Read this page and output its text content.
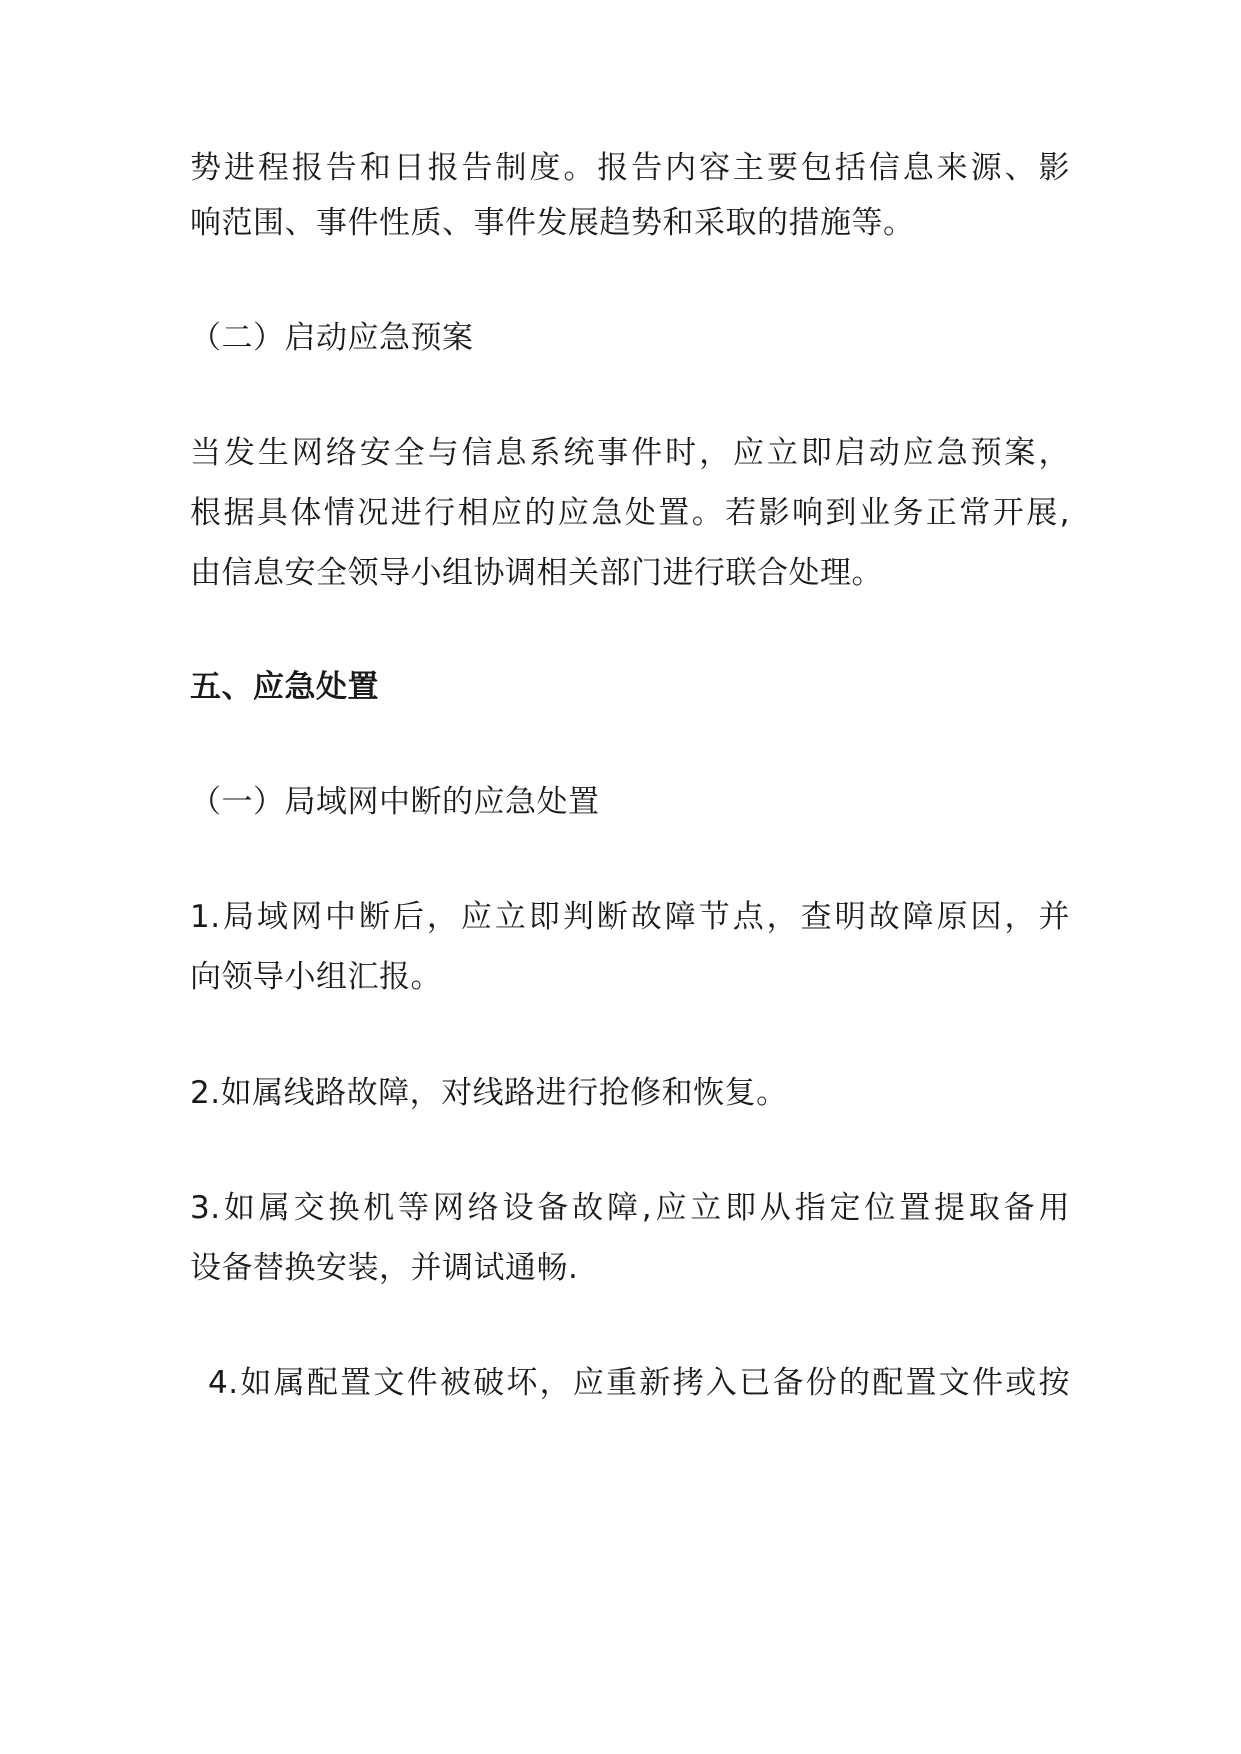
势进程报告和日报告制度。报告内容主要包括信息来源、影

响范围、事件性质、事件发展趋势和采取的措施等。

（二）启动应急预案

当发生网络安全与信息系统事件时，应立即启动应急预案，

根据具体情况进行相应的应急处置。若影响到业务正常开展,

由信息安全领导小组协调相关部门进行联合处理。

五、应急处置

（一）局域网中断的应急处置

1.局域网中断后，应立即判断故障节点，查明故障原因，并

向领导小组汇报。

2.如属线路故障，对线路进行抢修和恢复。

3.如属交换机等网络设备故障,应立即从指定位置提取备用

设备替换安装，并调试通畅.

4.如属配置文件被破坏，应重新拷入已备份的配置文件或按
